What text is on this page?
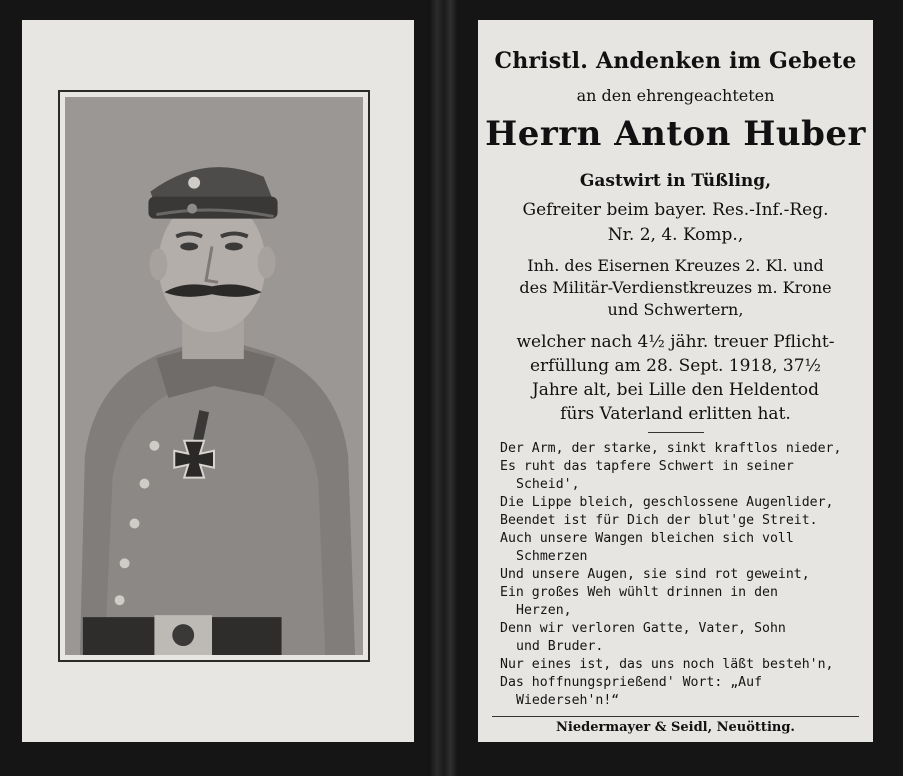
Christl. Andenken im Gebete
an den ehrengeachteten
Herrn Anton Huber
Gastwirt in Tüßling,
Gefreiter beim bayer. Res.-Inf.-Reg.
Nr. 2, 4. Komp.,
Inh. des Eisernen Kreuzes 2. Kl. und
des Militär-Verdienstkreuzes m. Krone
und Schwertern,
welcher nach 4½ jähr. treuer Pflicht-
erfüllung am 28. Sept. 1918, 37½
Jahre alt, bei Lille den Heldentod
fürs Vaterland erlitten hat.
Der Arm, der starke, sinkt kraftlos nieder,
Es ruht das tapfere Schwert in seiner
Scheid',
Die Lippe bleich, geschlossene Augenlider,
Beendet ist für Dich der blut'ge Streit.
Auch unsere Wangen bleichen sich voll
Schmerzen
Und unsere Augen, sie sind rot geweint,
Ein großes Weh wühlt drinnen in den
Herzen,
Denn wir verloren Gatte, Vater, Sohn
und Bruder.
Nur eines ist, das uns noch läßt besteh'n,
Das hoffnungsprießend' Wort: „Auf
Wiederseh'n!“
Niedermayer & Seidl, Neuötting.
